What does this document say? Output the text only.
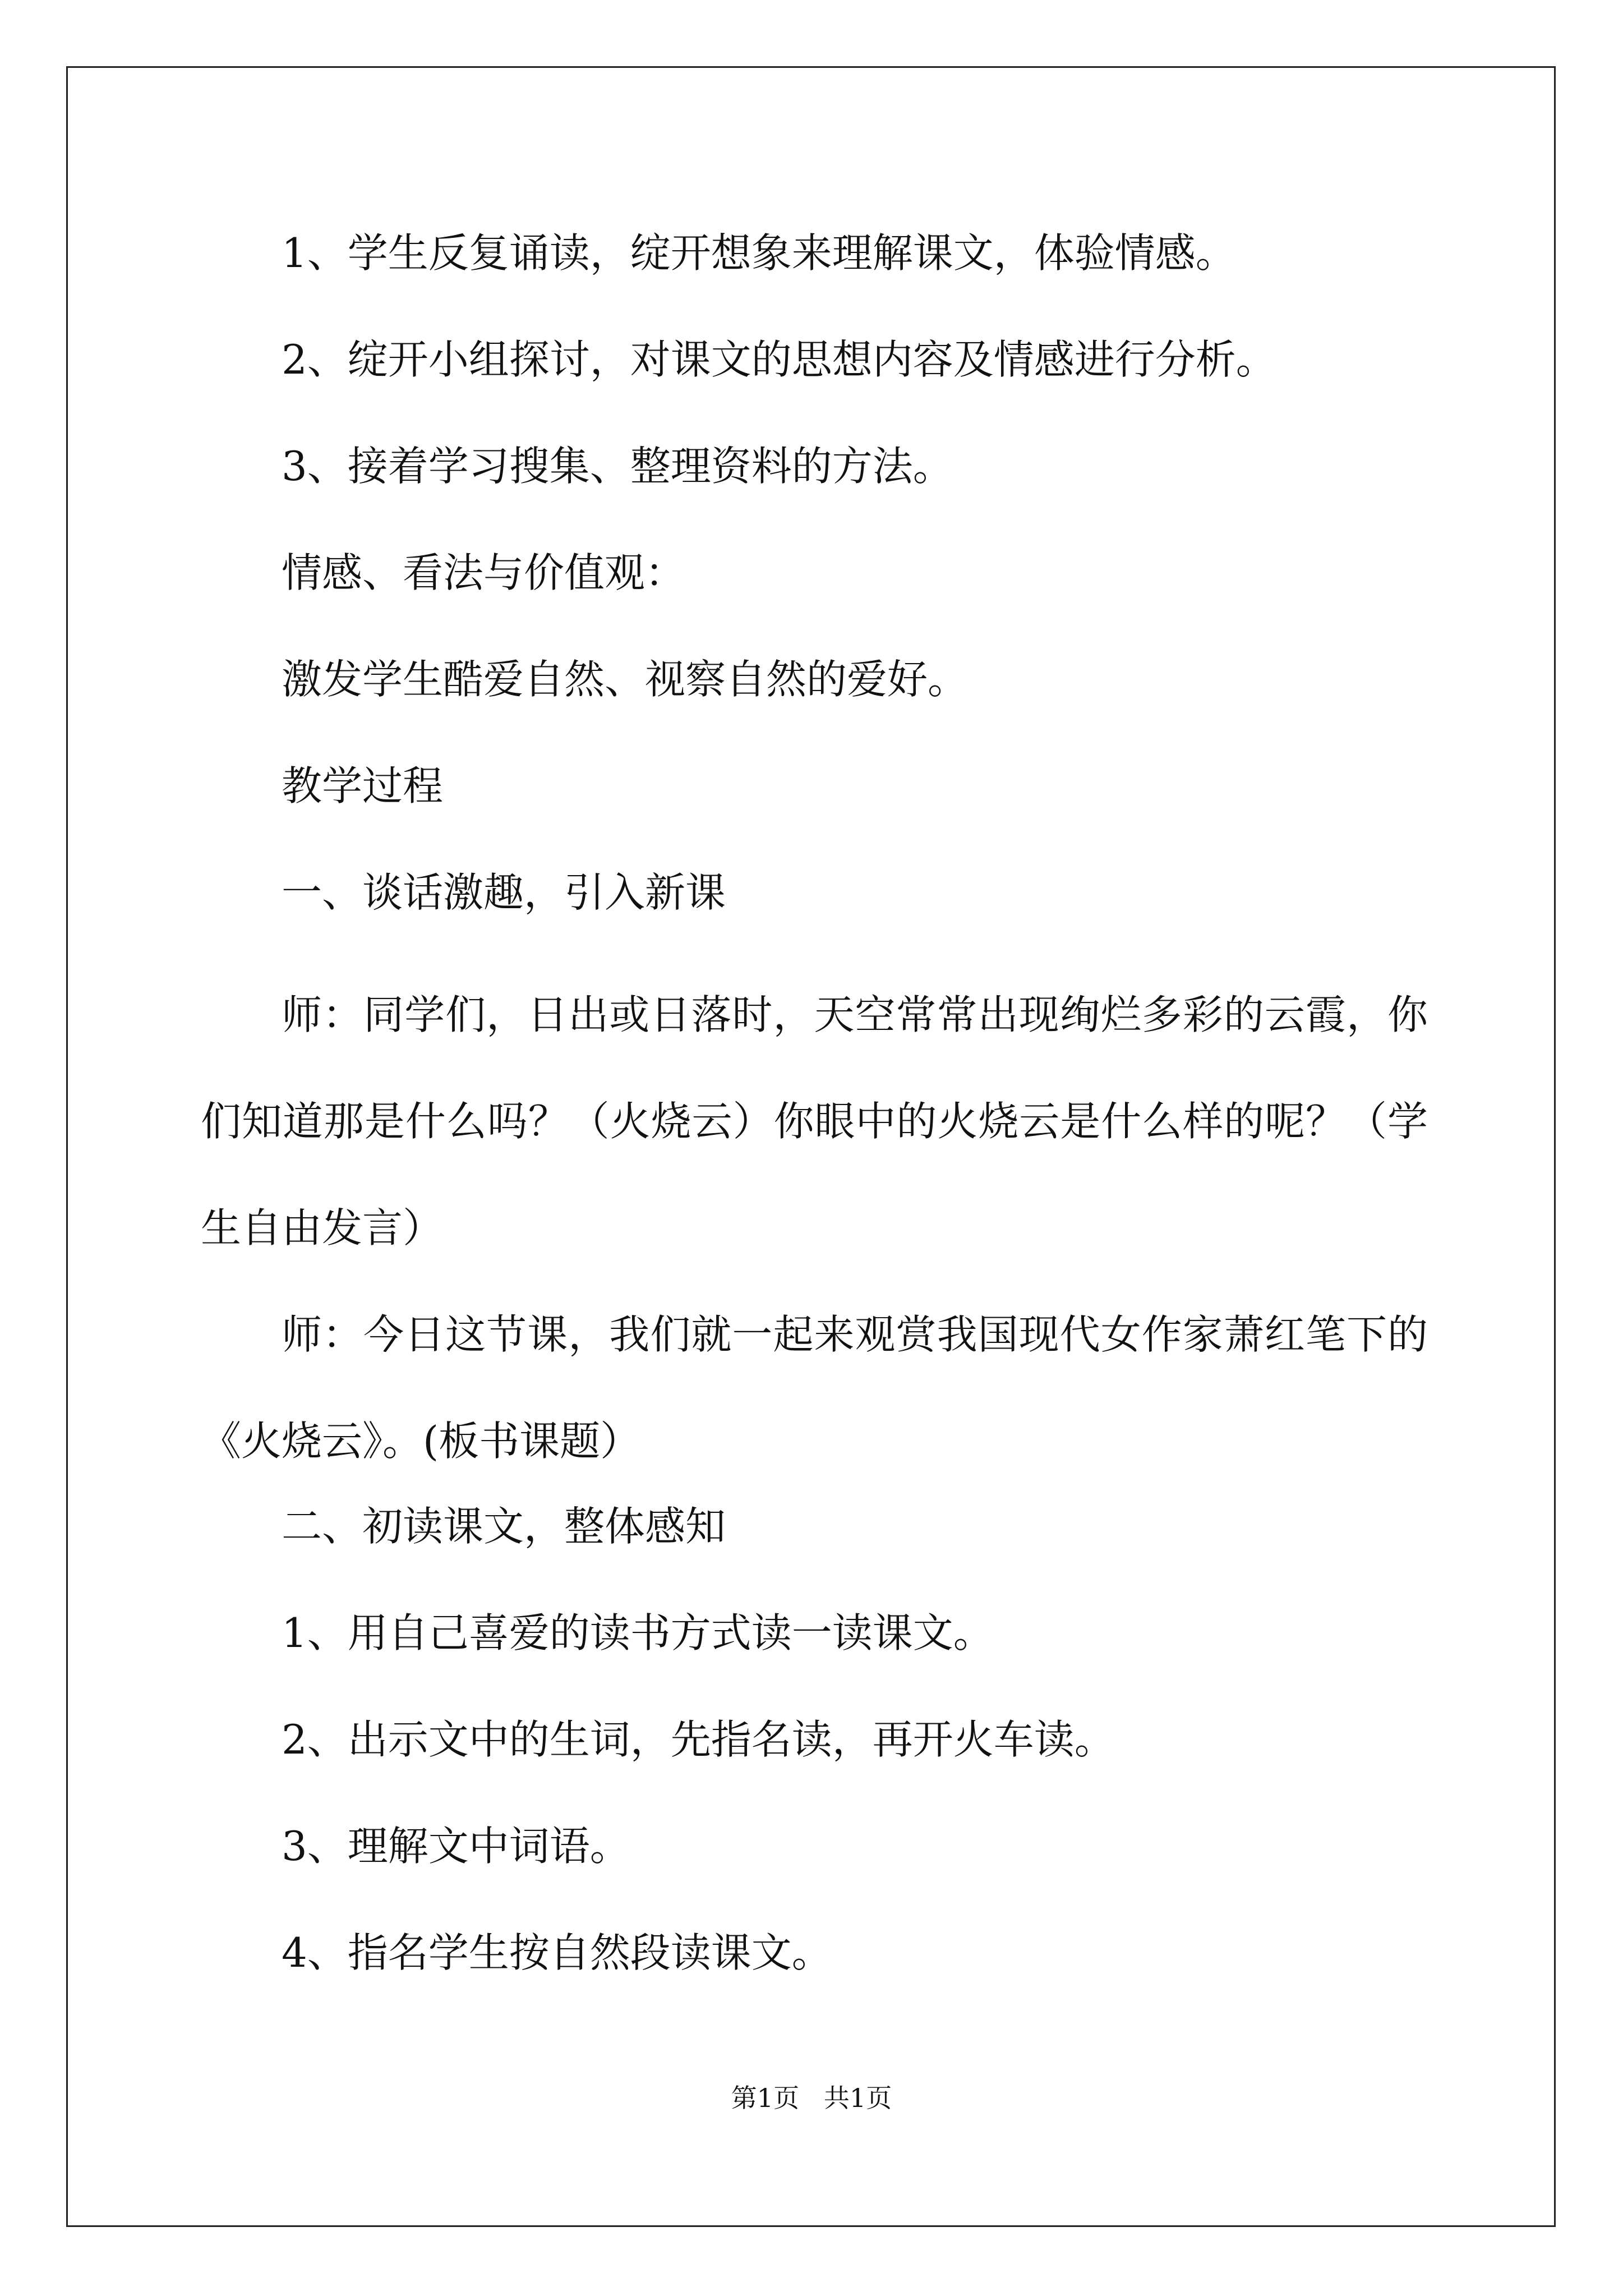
1、学生反复诵读，绽开想象来理解课文，体验情感。

2、绽开小组探讨，对课文的思想内容及情感进行分析。

3、接着学习搜集、整理资料的方法。

情感、看法与价值观：

激发学生酷爱自然、视察自然的爱好。

教学过程

一、谈话激趣，引入新课

师：同学们，日出或日落时，天空常常出现绚烂多彩的云霞，你们知道那是什么吗？（火烧云）你眼中的火烧云是什么样的呢？（学生自由发言）

师：今日这节课，我们就一起来观赏我国现代女作家萧红笔下的《火烧云》。(板书课题）

二、初读课文，整体感知

1、用自己喜爱的读书方式读一读课文。

2、出示文中的生词，先指名读，再开火车读。

3、理解文中词语。

4、指名学生按自然段读课文。

第1页   共1页
